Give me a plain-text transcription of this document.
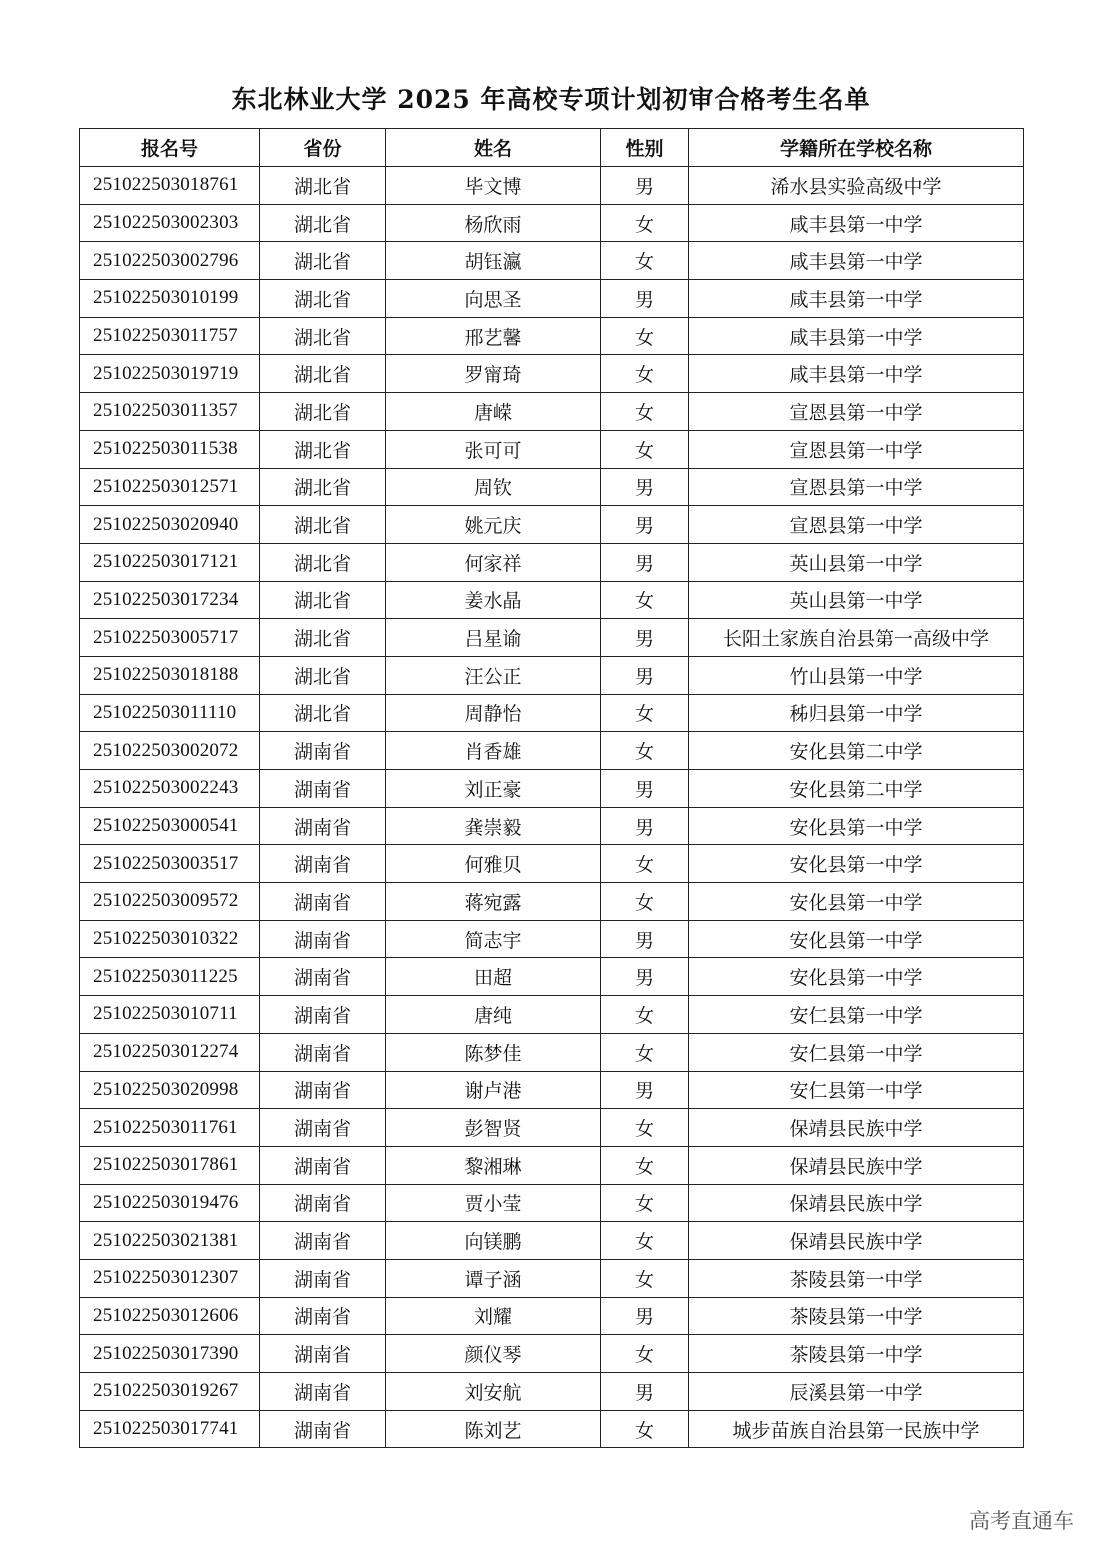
东北林业大学 2025 年高校专项计划初审合格考生名单
报名号	省份	姓名	性别	学籍所在学校名称
251022503018761	湖北省	毕文博	男	浠水县实验高级中学
251022503002303	湖北省	杨欣雨	女	咸丰县第一中学
251022503002796	湖北省	胡钰瀛	女	咸丰县第一中学
251022503010199	湖北省	向思圣	男	咸丰县第一中学
251022503011757	湖北省	邢艺馨	女	咸丰县第一中学
251022503019719	湖北省	罗甯琦	女	咸丰县第一中学
251022503011357	湖北省	唐嵘	女	宣恩县第一中学
251022503011538	湖北省	张可可	女	宣恩县第一中学
251022503012571	湖北省	周钦	男	宣恩县第一中学
251022503020940	湖北省	姚元庆	男	宣恩县第一中学
251022503017121	湖北省	何家祥	男	英山县第一中学
251022503017234	湖北省	姜水晶	女	英山县第一中学
251022503005717	湖北省	吕星谕	男	长阳土家族自治县第一高级中学
251022503018188	湖北省	汪公正	男	竹山县第一中学
251022503011110	湖北省	周静怡	女	秭归县第一中学
251022503002072	湖南省	肖香雄	女	安化县第二中学
251022503002243	湖南省	刘正豪	男	安化县第二中学
251022503000541	湖南省	龚崇毅	男	安化县第一中学
251022503003517	湖南省	何雅贝	女	安化县第一中学
251022503009572	湖南省	蒋宛露	女	安化县第一中学
251022503010322	湖南省	简志宇	男	安化县第一中学
251022503011225	湖南省	田超	男	安化县第一中学
251022503010711	湖南省	唐纯	女	安仁县第一中学
251022503012274	湖南省	陈梦佳	女	安仁县第一中学
251022503020998	湖南省	谢卢港	男	安仁县第一中学
251022503011761	湖南省	彭智贤	女	保靖县民族中学
251022503017861	湖南省	黎湘琳	女	保靖县民族中学
251022503019476	湖南省	贾小莹	女	保靖县民族中学
251022503021381	湖南省	向镁鹏	女	保靖县民族中学
251022503012307	湖南省	谭子涵	女	茶陵县第一中学
251022503012606	湖南省	刘耀	男	茶陵县第一中学
251022503017390	湖南省	颜仪琴	女	茶陵县第一中学
251022503019267	湖南省	刘安航	男	辰溪县第一中学
251022503017741	湖南省	陈刘艺	女	城步苗族自治县第一民族中学
高考直通车
